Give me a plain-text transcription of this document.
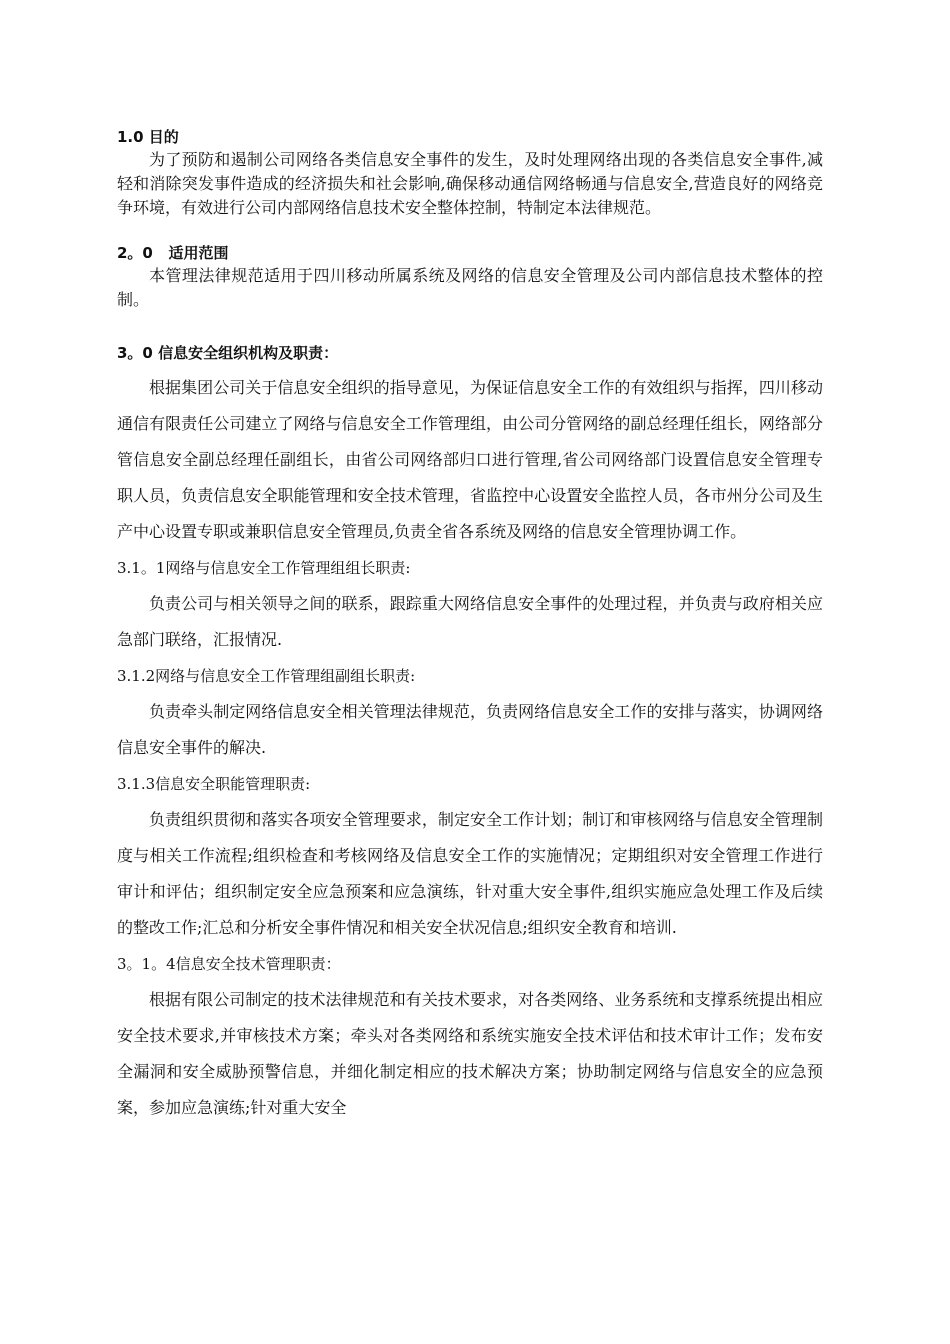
1.0 目的

为了预防和遏制公司网络各类信息安全事件的发生，及时处理网络出现的各类信息安全事件,减轻和消除突发事件造成的经济损失和社会影响,确保移动通信网络畅通与信息安全,营造良好的网络竞争环境，有效进行公司内部网络信息技术安全整体控制，特制定本法律规范。

2。0   适用范围

本管理法律规范适用于四川移动所属系统及网络的信息安全管理及公司内部信息技术整体的控制。

3。0 信息安全组织机构及职责：

根据集团公司关于信息安全组织的指导意见，为保证信息安全工作的有效组织与指挥，四川移动通信有限责任公司建立了网络与信息安全工作管理组，由公司分管网络的副总经理任组长，网络部分管信息安全副总经理任副组长，由省公司网络部归口进行管理,省公司网络部门设置信息安全管理专职人员，负责信息安全职能管理和安全技术管理，省监控中心设置安全监控人员，各市州分公司及生产中心设置专职或兼职信息安全管理员,负责全省各系统及网络的信息安全管理协调工作。

3.1。1网络与信息安全工作管理组组长职责:

负责公司与相关领导之间的联系，跟踪重大网络信息安全事件的处理过程，并负责与政府相关应急部门联络，汇报情况.

3.1.2网络与信息安全工作管理组副组长职责:

负责牵头制定网络信息安全相关管理法律规范，负责网络信息安全工作的安排与落实，协调网络信息安全事件的解决.

3.1.3信息安全职能管理职责:

负责组织贯彻和落实各项安全管理要求，制定安全工作计划；制订和审核网络与信息安全管理制度与相关工作流程;组织检查和考核网络及信息安全工作的实施情况；定期组织对安全管理工作进行审计和评估；组织制定安全应急预案和应急演练，针对重大安全事件,组织实施应急处理工作及后续的整改工作;汇总和分析安全事件情况和相关安全状况信息;组织安全教育和培训.

3。1。4信息安全技术管理职责：

根据有限公司制定的技术法律规范和有关技术要求，对各类网络、业务系统和支撑系统提出相应安全技术要求,并审核技术方案；牵头对各类网络和系统实施安全技术评估和技术审计工作；发布安全漏洞和安全威胁预警信息，并细化制定相应的技术解决方案；协助制定网络与信息安全的应急预案，参加应急演练;针对重大安全
